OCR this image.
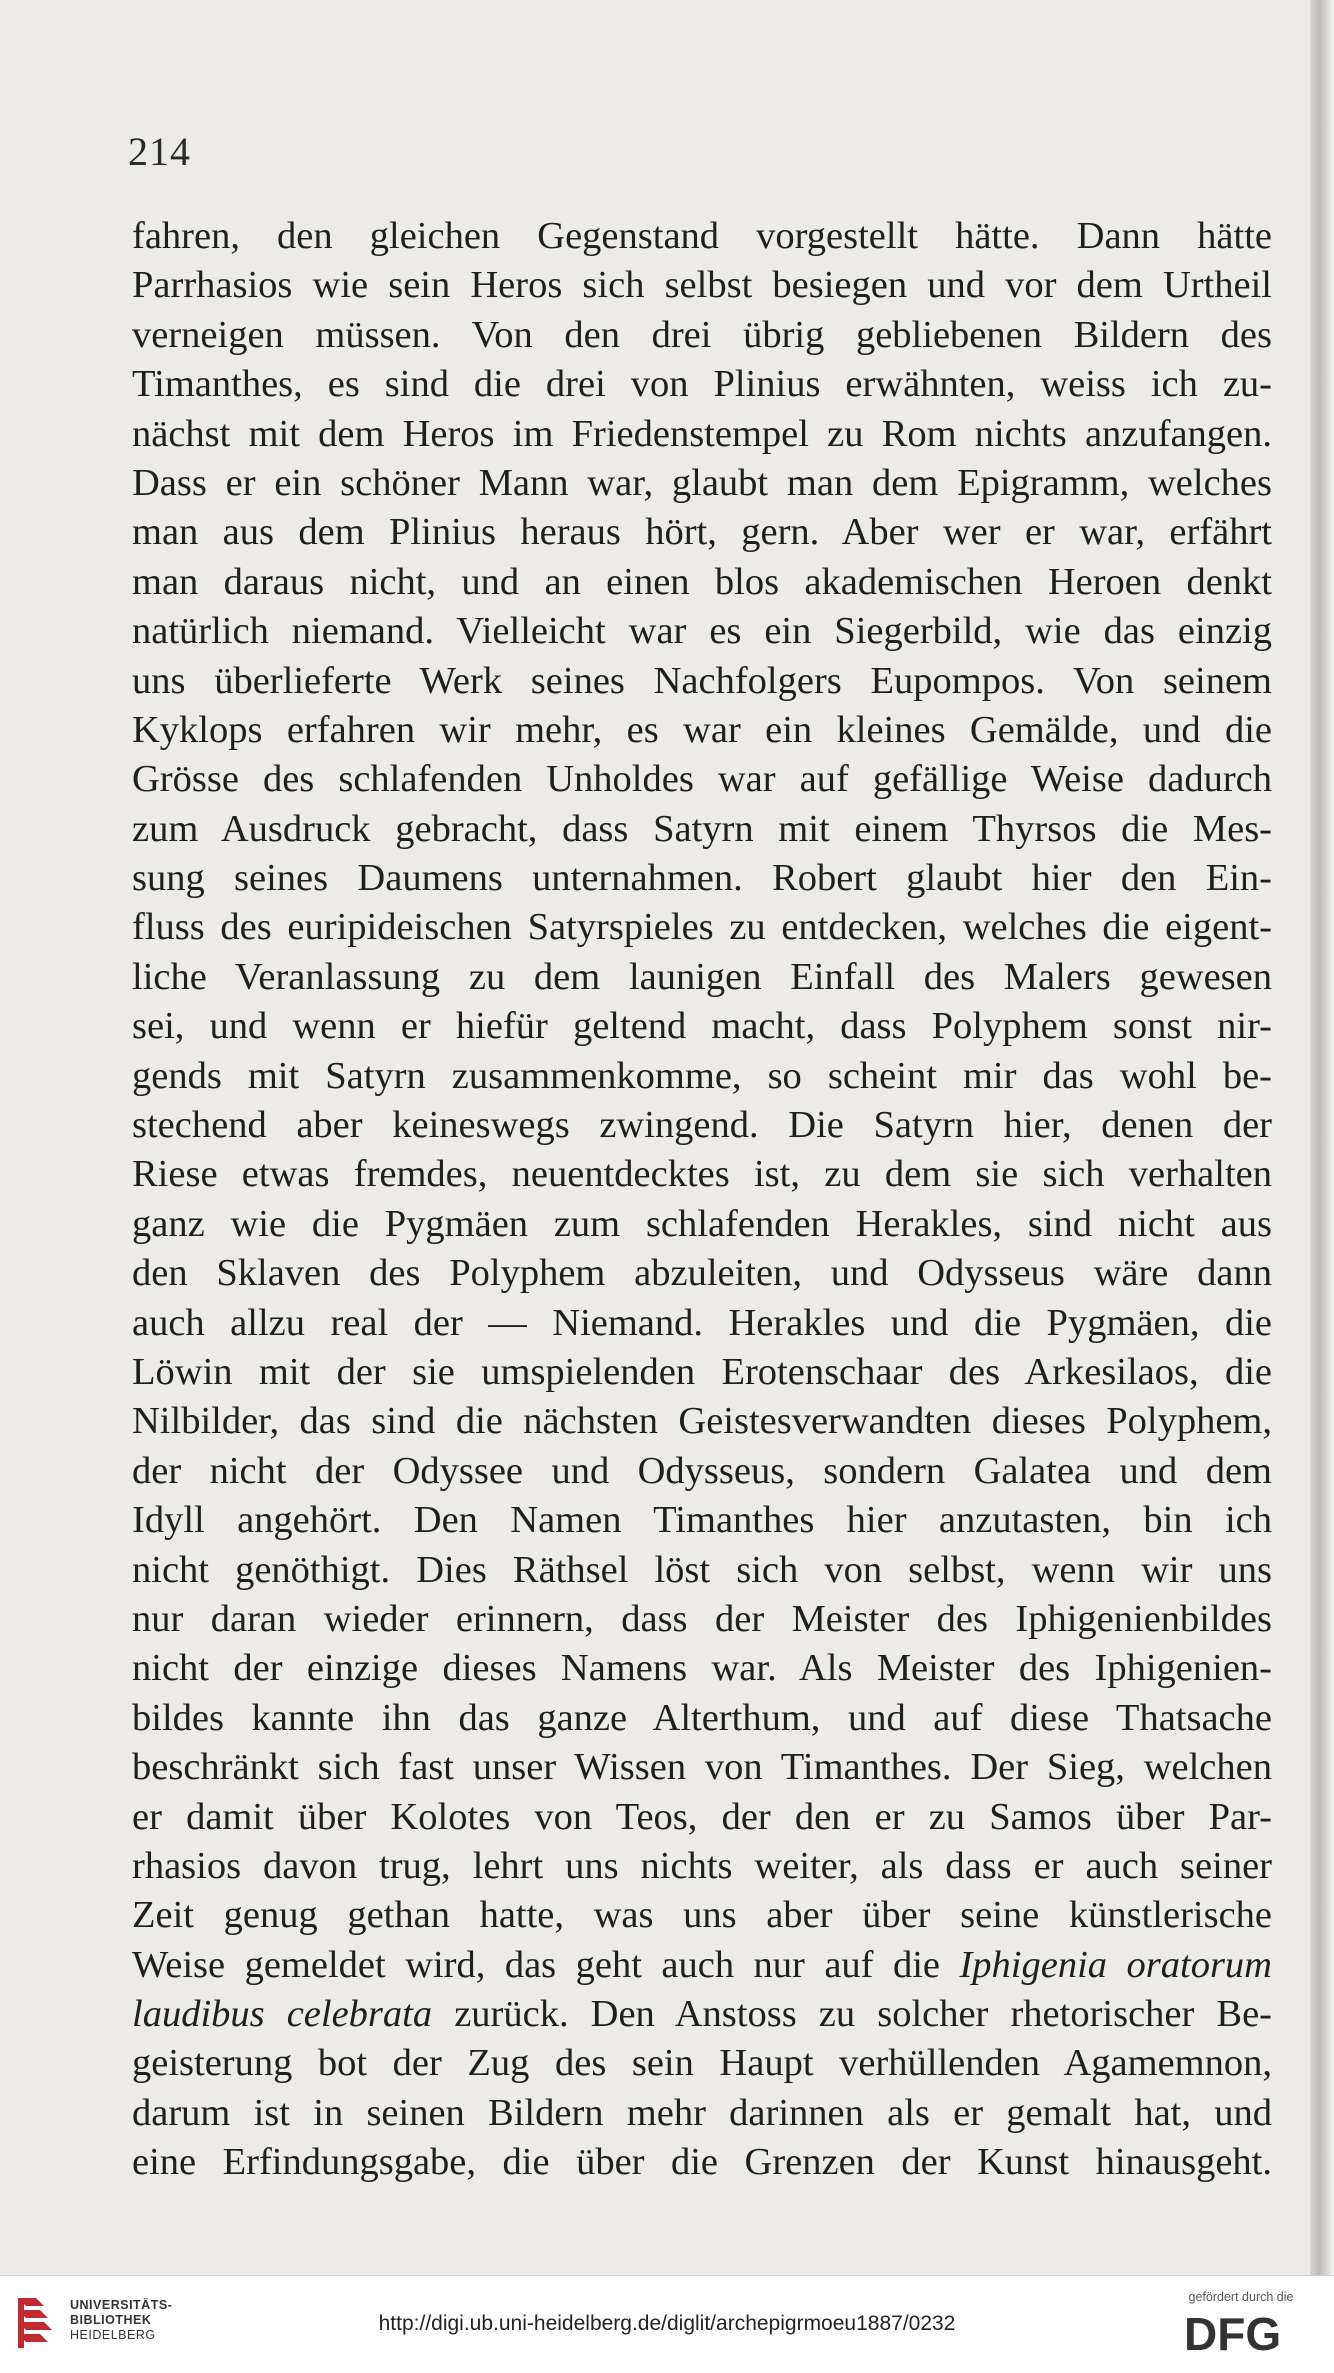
214
fahren, den gleichen Gegenstand vorgestellt hätte. Dann hätte
Parrhasios wie sein Heros sich selbst besiegen und vor dem Urtheil
verneigen müssen. Von den drei übrig gebliebenen Bildern des
Timanthes, es sind die drei von Plinius erwähnten, weiss ich zu-
nächst mit dem Heros im Friedenstempel zu Rom nichts anzufangen.
Dass er ein schöner Mann war, glaubt man dem Epigramm, welches
man aus dem Plinius heraus hört, gern. Aber wer er war, erfährt
man daraus nicht, und an einen blos akademischen Heroen denkt
natürlich niemand. Vielleicht war es ein Siegerbild, wie das einzig
uns überlieferte Werk seines Nachfolgers Eupompos. Von seinem
Kyklops erfahren wir mehr, es war ein kleines Gemälde, und die
Grösse des schlafenden Unholdes war auf gefällige Weise dadurch
zum Ausdruck gebracht, dass Satyrn mit einem Thyrsos die Mes-
sung seines Daumens unternahmen. Robert glaubt hier den Ein-
fluss des euripideischen Satyrspieles zu entdecken, welches die eigent-
liche Veranlassung zu dem launigen Einfall des Malers gewesen
sei, und wenn er hiefür geltend macht, dass Polyphem sonst nir-
gends mit Satyrn zusammenkomme, so scheint mir das wohl be-
stechend aber keineswegs zwingend. Die Satyrn hier, denen der
Riese etwas fremdes, neuentdecktes ist, zu dem sie sich verhalten
ganz wie die Pygmäen zum schlafenden Herakles, sind nicht aus
den Sklaven des Polyphem abzuleiten, und Odysseus wäre dann
auch allzu real der — Niemand. Herakles und die Pygmäen, die
Löwin mit der sie umspielenden Erotenschaar des Arkesilaos, die
Nilbilder, das sind die nächsten Geistesverwandten dieses Polyphem,
der nicht der Odyssee und Odysseus, sondern Galatea und dem
Idyll angehört. Den Namen Timanthes hier anzutasten, bin ich
nicht genöthigt. Dies Räthsel löst sich von selbst, wenn wir uns
nur daran wieder erinnern, dass der Meister des Iphigenienbildes
nicht der einzige dieses Namens war. Als Meister des Iphigenien-
bildes kannte ihn das ganze Alterthum, und auf diese Thatsache
beschränkt sich fast unser Wissen von Timanthes. Der Sieg, welchen
er damit über Kolotes von Teos, der den er zu Samos über Par-
rhasios davon trug, lehrt uns nichts weiter, als dass er auch seiner
Zeit genug gethan hatte, was uns aber über seine künstlerische
Weise gemeldet wird, das geht auch nur auf die Iphigenia oratorum
laudibus celebrata zurück. Den Anstoss zu solcher rhetorischer Be-
geisterung bot der Zug des sein Haupt verhüllenden Agamemnon,
darum ist in seinen Bildern mehr darinnen als er gemalt hat, und
eine Erfindungsgabe, die über die Grenzen der Kunst hinausgeht.
UNIVERSITÄTS-
BIBLIOTHEK
HEIDELBERG	http://digi.ub.uni-heidelberg.de/diglit/archepigrmoeu1887/0232
gefördert durch die
DFG
